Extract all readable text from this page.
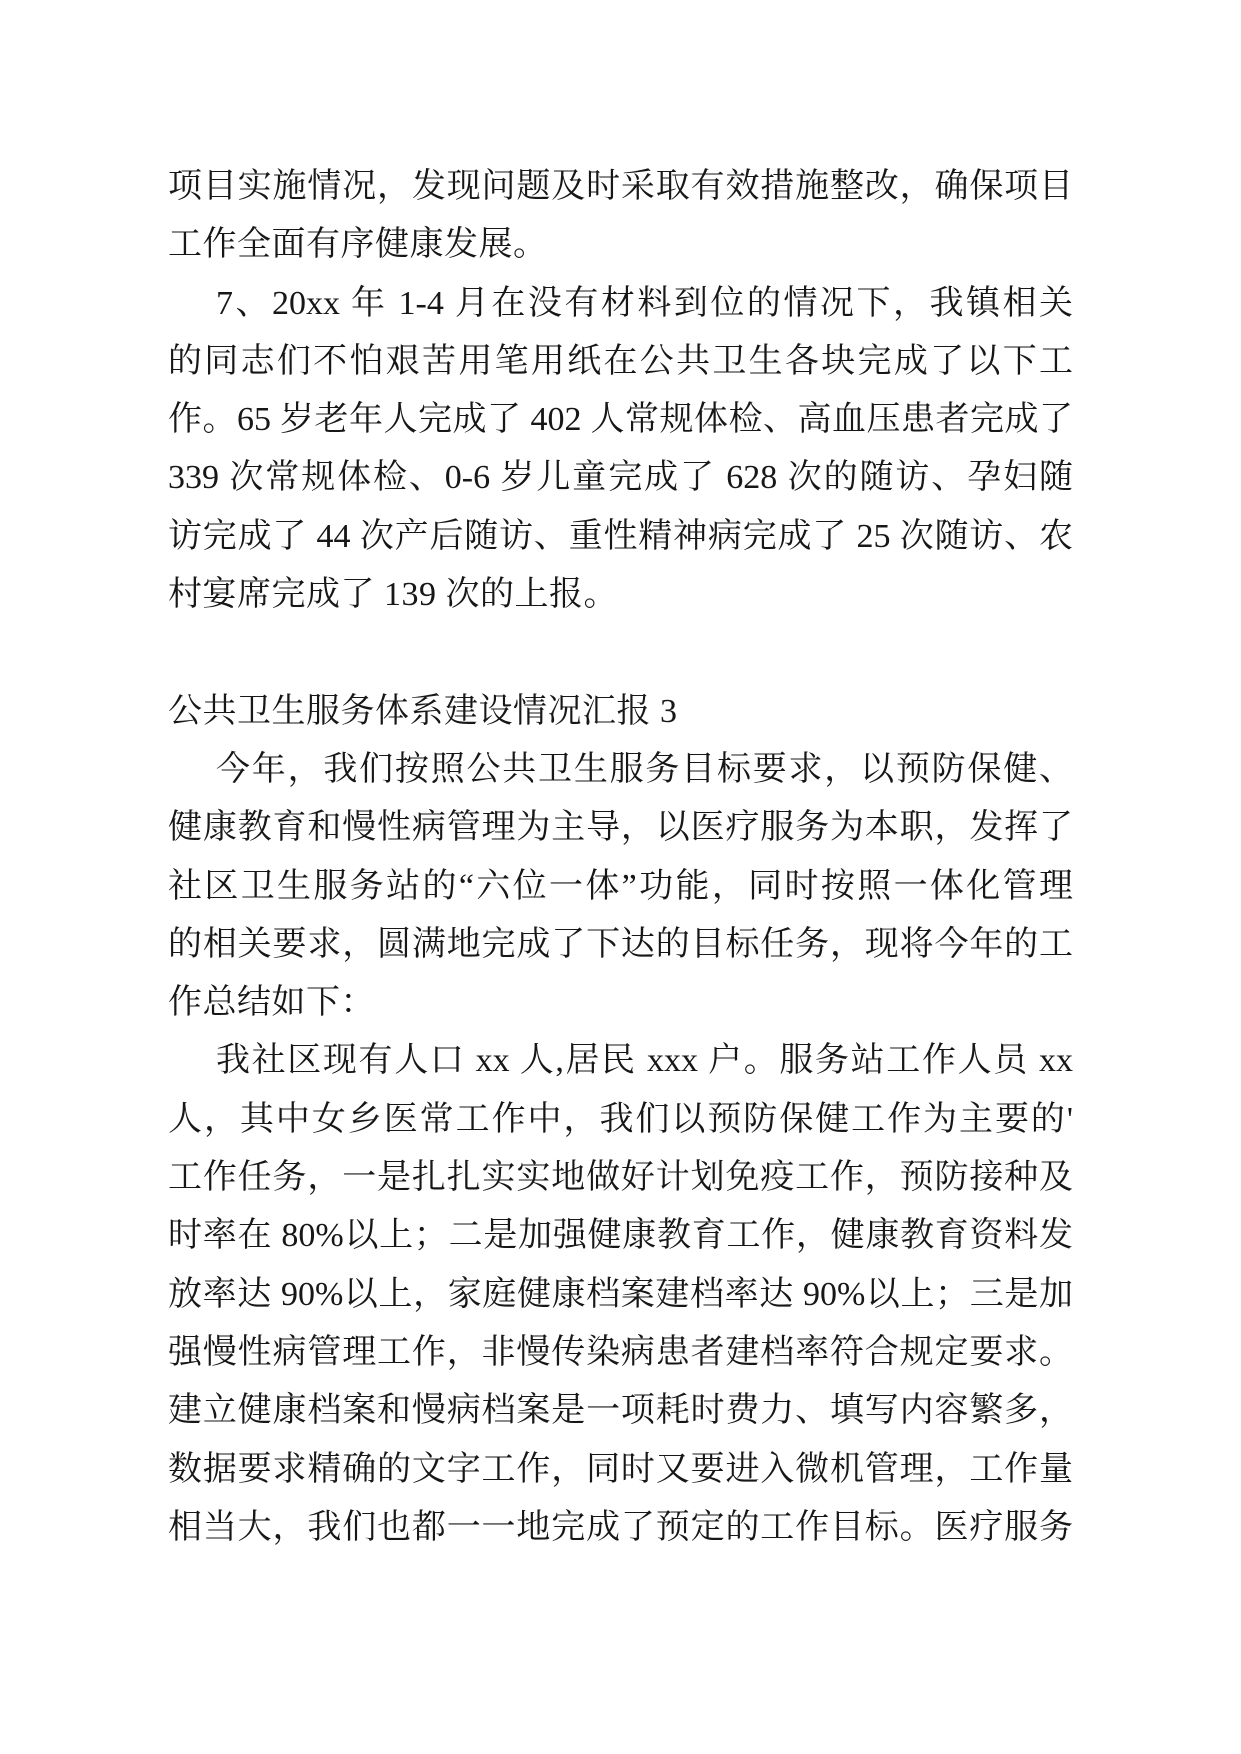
项目实施情况，发现问题及时采取有效措施整改，确保项目
工作全面有序健康发展。
7、20xx 年 1-4 月在没有材料到位的情况下，我镇相关
的同志们不怕艰苦用笔用纸在公共卫生各块完成了以下工
作。65 岁老年人完成了 402 人常规体检、高血压患者完成了
339 次常规体检、0-6 岁儿童完成了 628 次的随访、孕妇随
访完成了 44 次产后随访、重性精神病完成了 25 次随访、农
村宴席完成了 139 次的上报。
公共卫生服务体系建设情况汇报 3
今年，我们按照公共卫生服务目标要求，以预防保健、
健康教育和慢性病管理为主导，以医疗服务为本职，发挥了
社区卫生服务站的“六位一体”功能，同时按照一体化管理
的相关要求，圆满地完成了下达的目标任务，现将今年的工
作总结如下：
我社区现有人口 xx 人,居民 xxx 户。服务站工作人员 xx
人，其中女乡医常工作中，我们以预防保健工作为主要的'
工作任务，一是扎扎实实地做好计划免疫工作，预防接种及
时率在 80%以上；二是加强健康教育工作，健康教育资料发
放率达 90%以上，家庭健康档案建档率达 90%以上；三是加
强慢性病管理工作，非慢传染病患者建档率符合规定要求。
建立健康档案和慢病档案是一项耗时费力、填写内容繁多，
数据要求精确的文字工作，同时又要进入微机管理，工作量
相当大，我们也都一一地完成了预定的工作目标。医疗服务
